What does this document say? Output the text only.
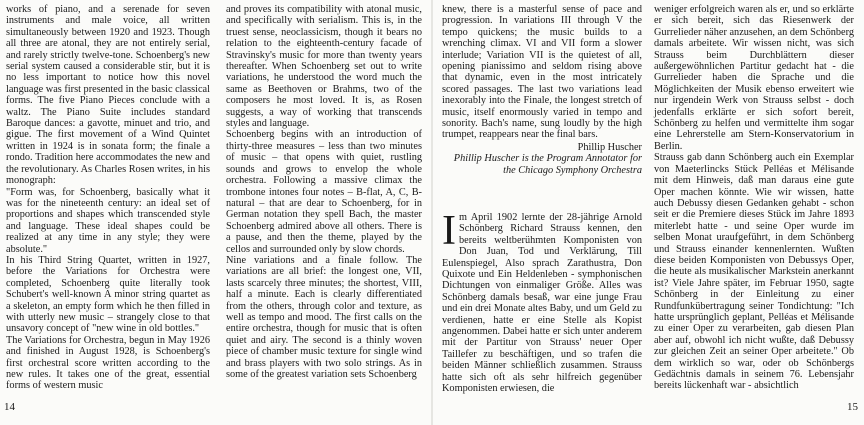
works of piano, and a serenade for seven instruments and male voice, all written simultaneously between 1920 and 1923. Though all three are atonal, they are not entirely serial, and rarely strictly twelve-tone. Schoenberg's new serial system caused a considerable stir, but it is no less important to notice how this novel language was first presented in the basic classical forms. The five Piano Pieces conclude with a waltz. The Piano Suite includes standard Baroque dances: a gavotte, minuet and trio, and gigue. The first movement of a Wind Quintet written in 1924 is in sonata form; the finale a rondo. Tradition here accommodates the new and the revolutionary. As Charles Rosen writes, in his monograph:

"Form was, for Schoenberg, basically what it was for the nineteenth century: an ideal set of proportions and shapes which transcended style and language. These ideal shapes could be realized at any time in any style; they were absolute."

In his Third String Quartet, written in 1927, before the Variations for Orchestra were completed, Schoenberg quite literally took Schubert's well-known A minor string quartet as a skeleton, an empty form which he then filled in with utterly new music – strangely close to that unsavory concept of "new wine in old bottles."

The Variations for Orchestra, begun in May 1926 and finished in August 1928, is Schoenberg's first orchestral score written according to the new rules. It takes one of the great, essential forms of western music

and proves its compatibility with atonal music, and specifically with serialism. This is, in the truest sense, neoclassicism, though it bears no relation to the eighteenth-century facade of Stravinsky's music for more than twenty years thereafter. When Schoenberg set out to write variations, he understood the word much the same as Beethoven or Brahms, two of the composers he most loved. It is, as Rosen suggests, a way of working that transcends styles and language.

Schoenberg begins with an introduction of thirty-three measures – less than two minutes of music – that opens with quiet, rustling sounds and grows to envelop the whole orchestra. Following a massive climax the trombone intones four notes – B-flat, A, C, B-natural – that are dear to Schoenberg, for in German notation they spell Bach, the master Schoenberg admired above all others. There is a pause, and then the theme, played by the cellos and surrounded only by slow chords.

Nine variations and a finale follow. The variations are all brief: the longest one, VII, lasts scarcely three minutes; the shortest, VIII, half a minute. Each is clearly differentiated from the others, through color and texture, as well as tempo and mood. The first calls on the entire orchestra, though for music that is often quiet and airy. The second is a thinly woven piece of chamber music texture for single wind and brass players with two solo strings. As in some of the greatest variation sets Schoenberg

14

knew, there is a masterful sense of pace and progression. In variations III through V the tempo quickens; the music builds to a wrenching climax. VI and VII form a slower interlude; Variation VII is the quietest of all, opening pianissimo and seldom rising above that dynamic, even in the most intricately scored passages. The last two variations lead inexorably into the Finale, the longest stretch of music, itself enormously varied in tempo and sonority. Bach's name, sung loudly by the high trumpet, reappears near the final bars.

Phillip Huscher

Phillip Huscher is the Program Annotator for the Chicago Symphony Orchestra

I m April 1902 lernte der 28-jährige Arnold Schönberg Richard Strauss kennen, den bereits weltberühmten Komponisten von Don Juan, Tod und Verklärung, Till Eulenspiegel, Also sprach Zarathustra, Don Quixote und Ein Heldenleben - symphonischen Dichtungen von einmaliger Größe. Alles was Schönberg damals besaß, war eine junge Frau und ein drei Monate altes Baby, und um Geld zu verdienen, hatte er eine Stelle als Kopist angenommen. Dabei hatte er sich unter anderem mit der Partitur von Strauss' neuer Oper Taillefer zu beschäftigen, und so trafen die beiden Männer schließlich zusammen. Strauss hatte sich oft als sehr hilfreich gegenüber Komponisten erwiesen, die

weniger erfolgreich waren als er, und so erklärte er sich bereit, sich das Riesenwerk der Gurrelieder näher anzusehen, an dem Schönberg damals arbeitete. Wir wissen nicht, was sich Strauss beim Durchblättern dieser außergewöhnlichen Partitur gedacht hat - die Gurrelieder haben die Sprache und die Möglichkeiten der Musik ebenso erweitert wie nur irgendein Werk von Strauss selbst - doch jedenfalls erklärte er sich sofort bereit, Schönberg zu helfen und vermittelte ihm sogar eine Lehrerstelle am Stern-Konservatorium in Berlin.

Strauss gab dann Schönberg auch ein Exemplar von Maeterlincks Stück Pelléas et Mélisande mit dem Hinweis, daß man daraus eine gute Oper machen könnte. Wie wir wissen, hatte auch Debussy diesen Gedanken gehabt - schon seit er die Premiere dieses Stück im Jahre 1893 miterlebt hatte - und seine Oper wurde im selben Monat uraufgeführt, in dem Schönberg und Strauss einander kennenlernten. Wußten diese beiden Komponisten von Debussys Oper, die heute als musikalischer Markstein anerkannt ist? Viele Jahre später, im Februar 1950, sagte Schönberg in der Einleitung zu einer Rundfunkübertragung seiner Tondichtung: "Ich hatte ursprünglich geplant, Pelléas et Mélisande zu einer Oper zu verarbeiten, gab diesen Plan aber auf, obwohl ich nicht wußte, daß Debussy zur gleichen Zeit an seiner Oper arbeitete." Ob dem wirklich so war, oder ob Schönbergs Gedächtnis damals in seinem 76. Lebensjahr bereits lückenhaft war - absichtlich

15
